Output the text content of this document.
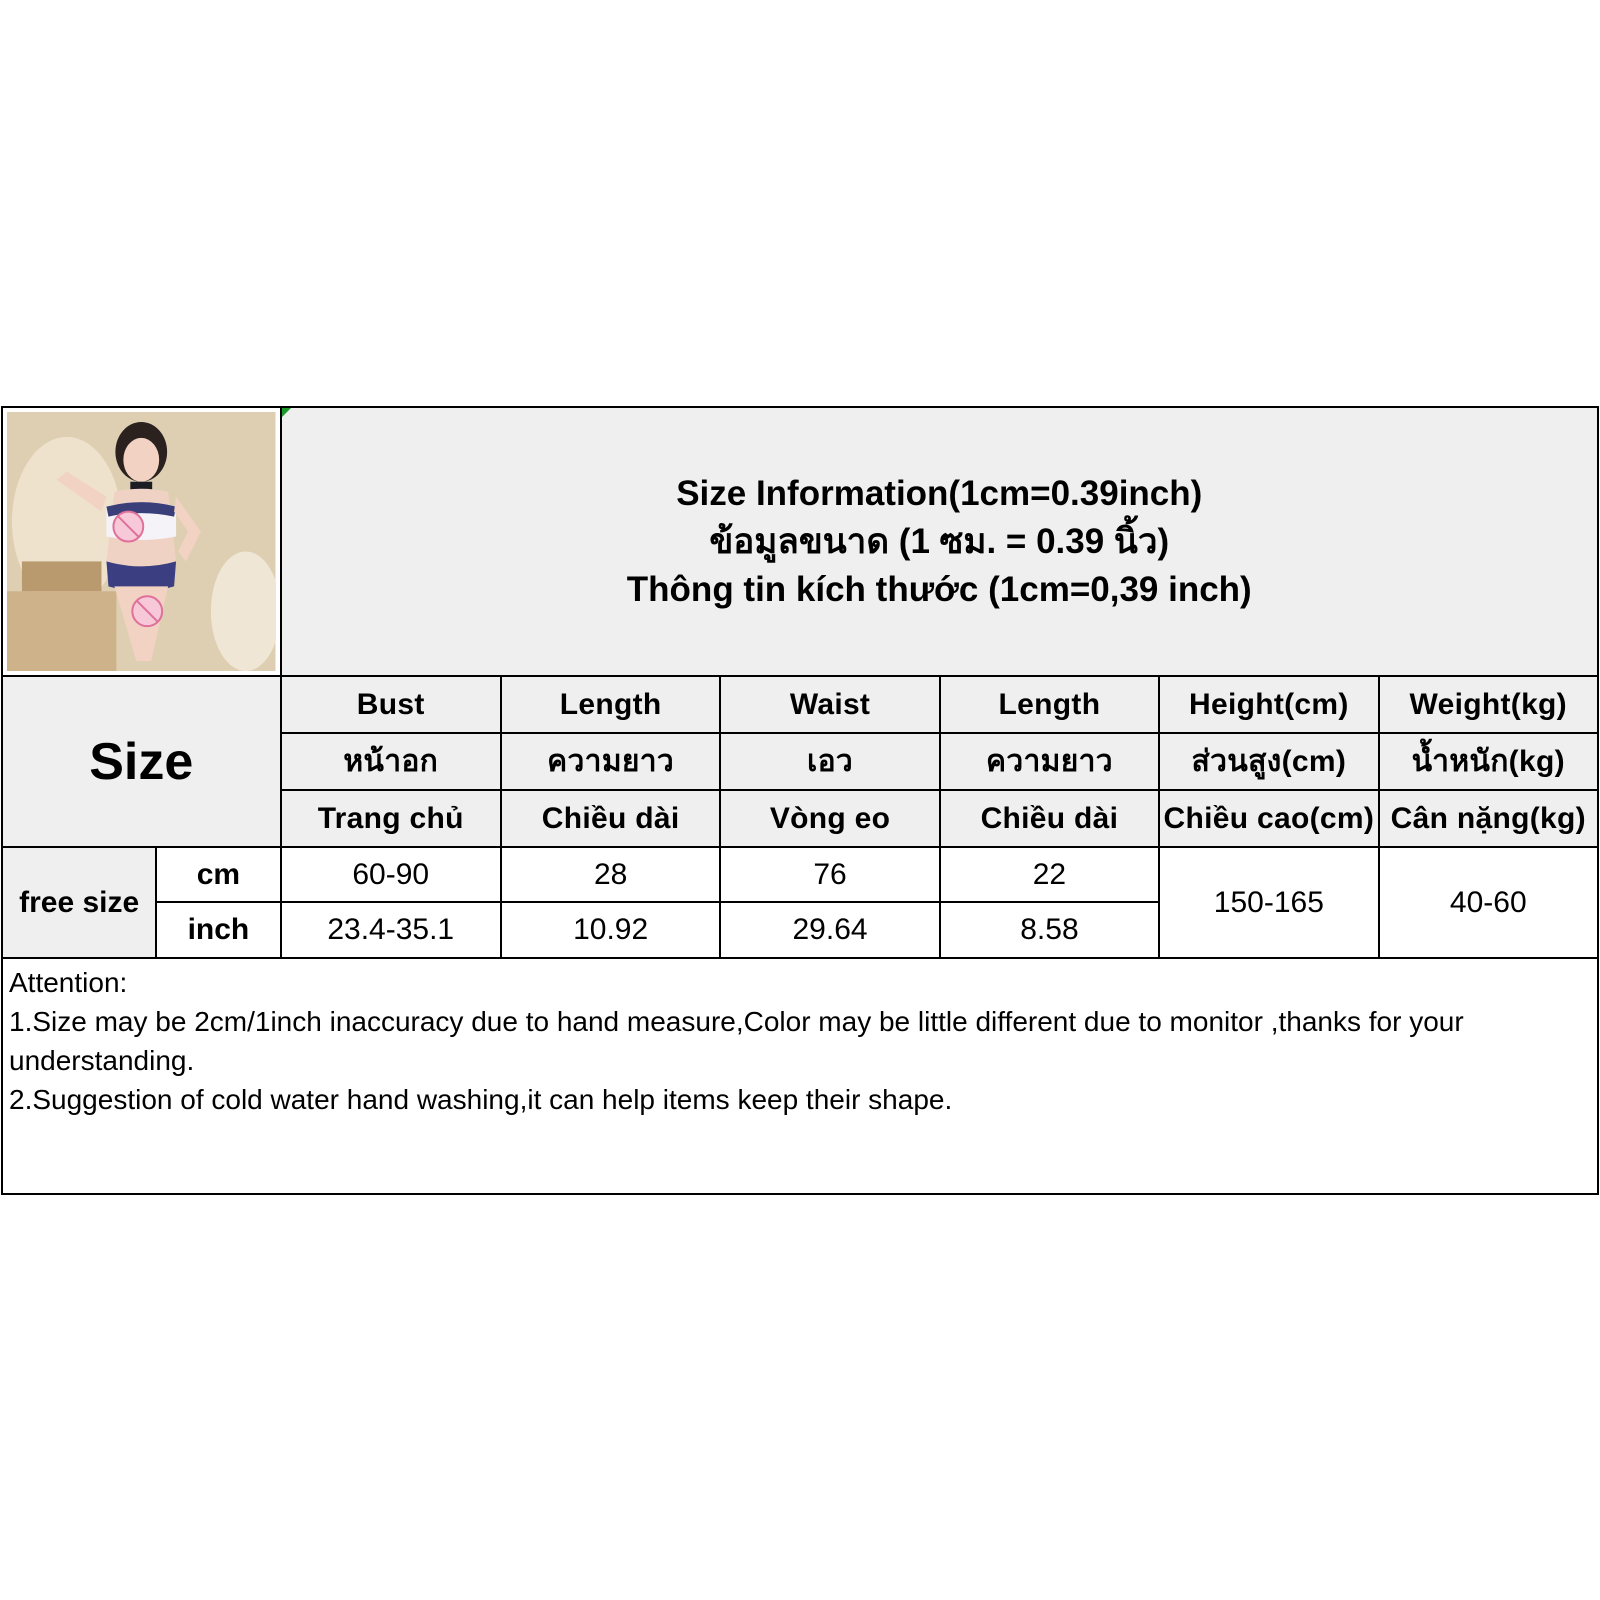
Size Information(1cm=0.39inch)
ข้อมูลขนาด (1 ซม. = 0.39 นิ้ว)
Thông tin kích thước (1cm=0,39 inch)					

Size		Bust	Length	Waist	Length	Height(cm)	Weight(kg)
		หน้าอก	ความยาว	เอว	ความยาว	ส่วนสูง(cm)	น้ำหนัก(kg)
		Trang chủ	Chiều dài	Vòng eo	Chiều dài	Chiều cao(cm)	Cân nặng(kg)
free size	cm	60-90	28	76	22	150-165	40-60
	inch	23.4-35.1	10.92	29.64	8.58		

Attention:
1.Size may be 2cm/1inch inaccuracy due to hand measure,Color may be little different due to monitor ,thanks for your understanding.
2.Suggestion of cold water hand washing,it can help items keep their shape.							
